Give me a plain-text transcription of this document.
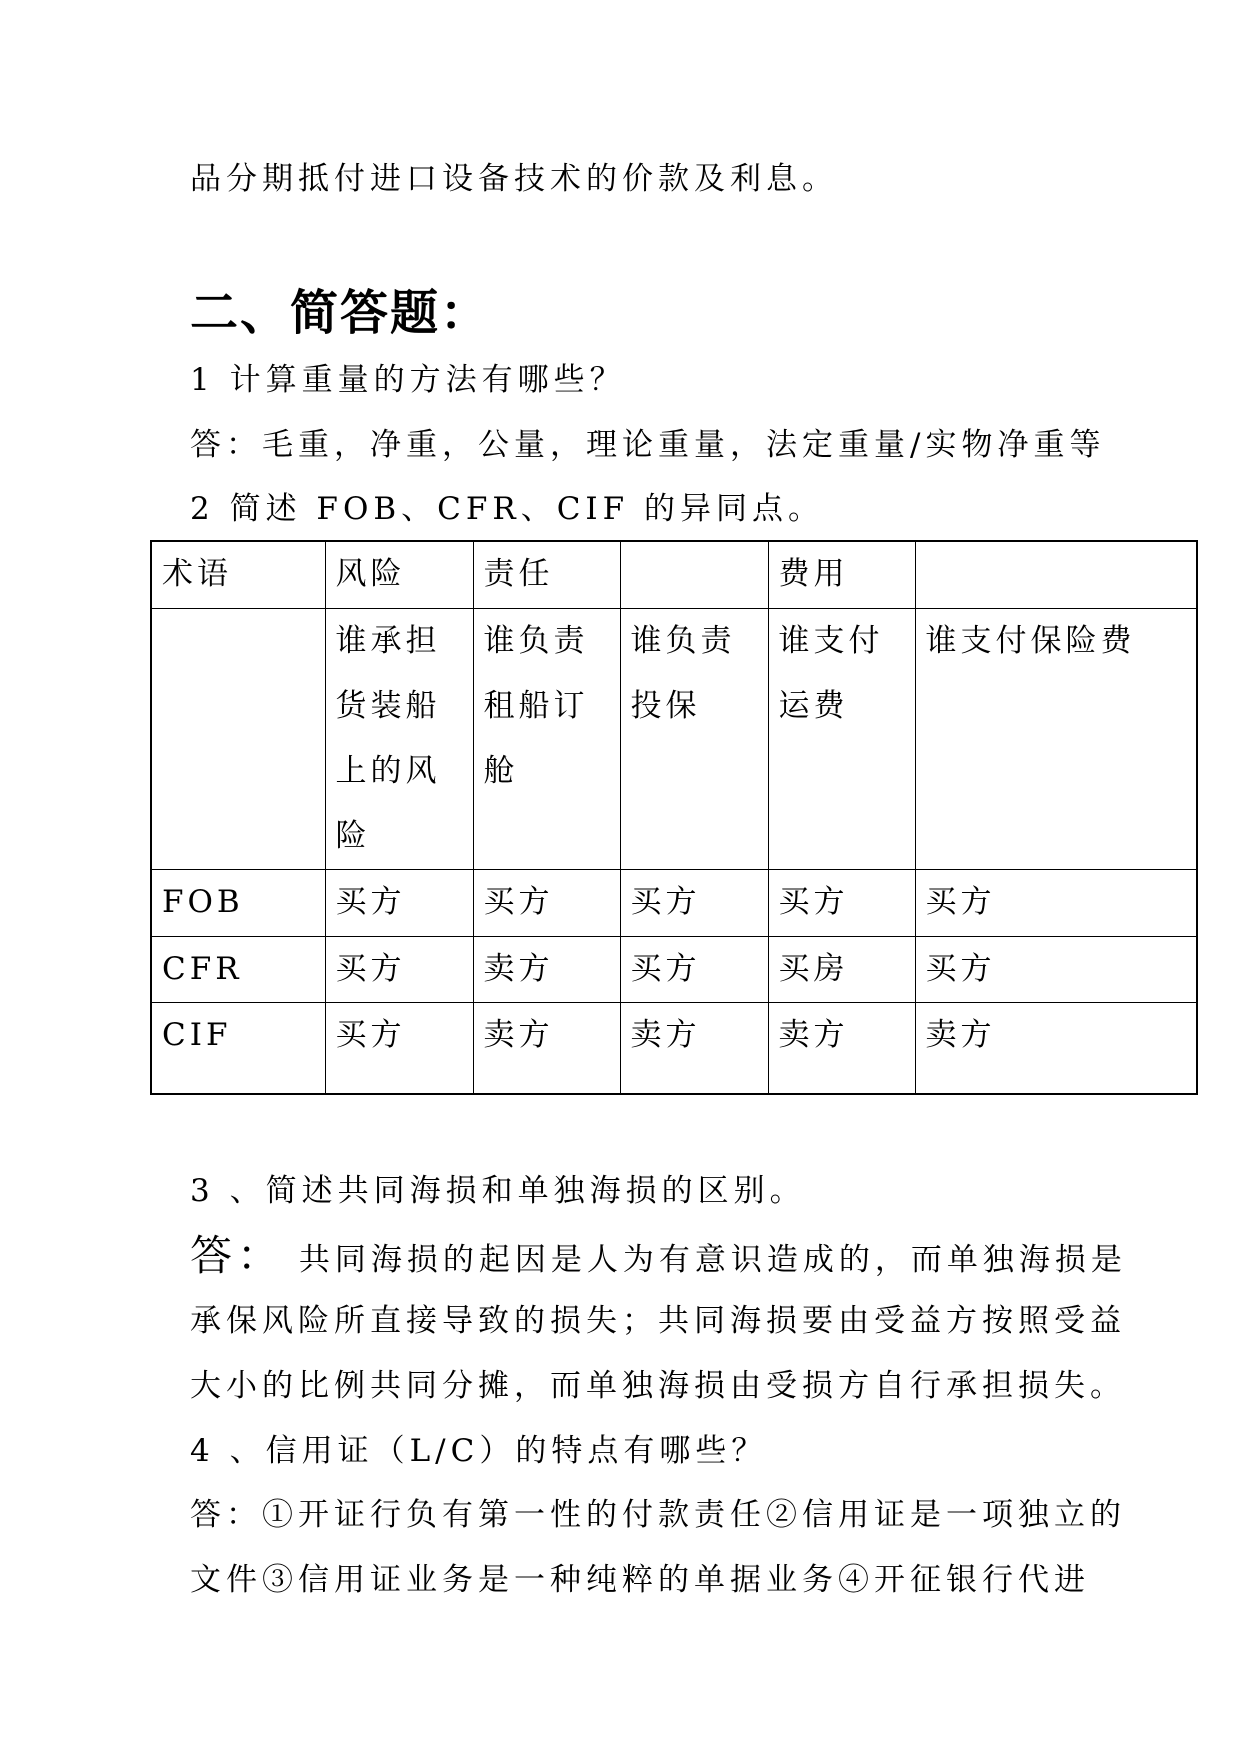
品分期抵付进口设备技术的价款及利息。
二、简答题：
1 计算重量的方法有哪些？
答：毛重，净重，公量，理论重量，法定重量/实物净重等
2 简述 FOB、CFR、CIF 的异同点。
术语	风险	责任		费用	
	谁承担货装船上的风险	谁负责租船订舱	谁负责投保	谁支付运费	谁支付保险费
FOB	买方	买方	买方	买方	买方
CFR	买方	卖方	买方	买房	买方
CIF	买方	卖方	卖方	卖方	卖方
3 、简述共同海损和单独海损的区别。
答： 共同海损的起因是人为有意识造成的，而单独海损是
承保风险所直接导致的损失；共同海损要由受益方按照受益
大小的比例共同分摊，而单独海损由受损方自行承担损失。
4 、信用证（L/C）的特点有哪些？
答：①开证行负有第一性的付款责任②信用证是一项独立的
文件③信用证业务是一种纯粹的单据业务④开征银行代进
